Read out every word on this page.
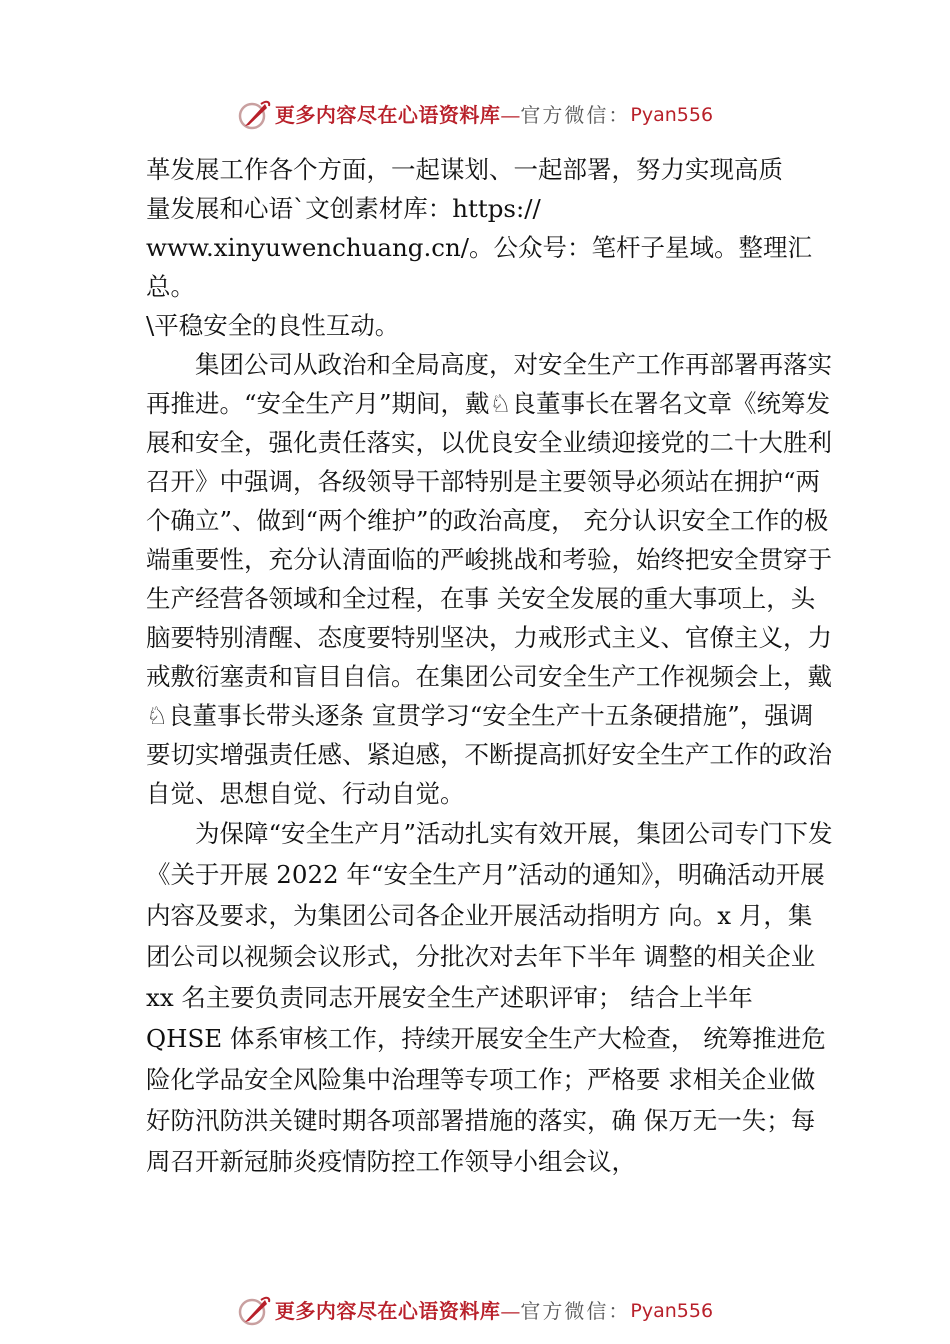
更多内容尽在心语资料库 — 官方微信： Pyan556

革发展工作各个方面，一起谋划、一起部署，努力实现高质
量发展和心语`文创素材库：https://
www.xinyuwenchuang.cn/。公众号：笔杆子星域。整理汇总。
\平稳安全的良性互动。

集团公司从政治和全局高度，对安全生产工作再部署再落实再推进。“安全生产月”期间，戴♘良董事长在署名文章《统筹发展和安全，强化责任落实，以优良安全业绩迎接党的二十大胜利召开》中强调，各级领导干部特别是主要领导必须站在拥护“两个确立”、做到“两个维护”的政治高度， 充分认识安全工作的极端重要性，充分认清面临的严峻挑战和考验，始终把安全贯穿于生产经营各领域和全过程，在事 关安全发展的重大事项上，头脑要特别清醒、态度要特别坚决，力戒形式主义、官僚主义，力戒敷衍塞责和盲目自信。在集团公司安全生产工作视频会上，戴♘良董事长带头逐条 宣贯学习“安全生产十五条硬措施”，强调要切实增强责任感、紧迫感，不断提高抓好安全生产工作的政治自觉、思想自觉、行动自觉。

为保障“安全生产月”活动扎实有效开展，集团公司专门下发《关于开展 2022 年“安全生产月”活动的通知》，明确活动开展内容及要求，为集团公司各企业开展活动指明方 向。x 月，集团公司以视频会议形式，分批次对去年下半年 调整的相关企业 xx 名主要负责同志开展安全生产述职评审； 结合上半年 QHSE 体系审核工作，持续开展安全生产大检查， 统筹推进危险化学品安全风险集中治理等专项工作；严格要 求相关企业做好防汛防洪关键时期各项部署措施的落实，确 保万无一失；每周召开新冠肺炎疫情防控工作领导小组会议，

更多内容尽在心语资料库 — 官方微信： Pyan556
